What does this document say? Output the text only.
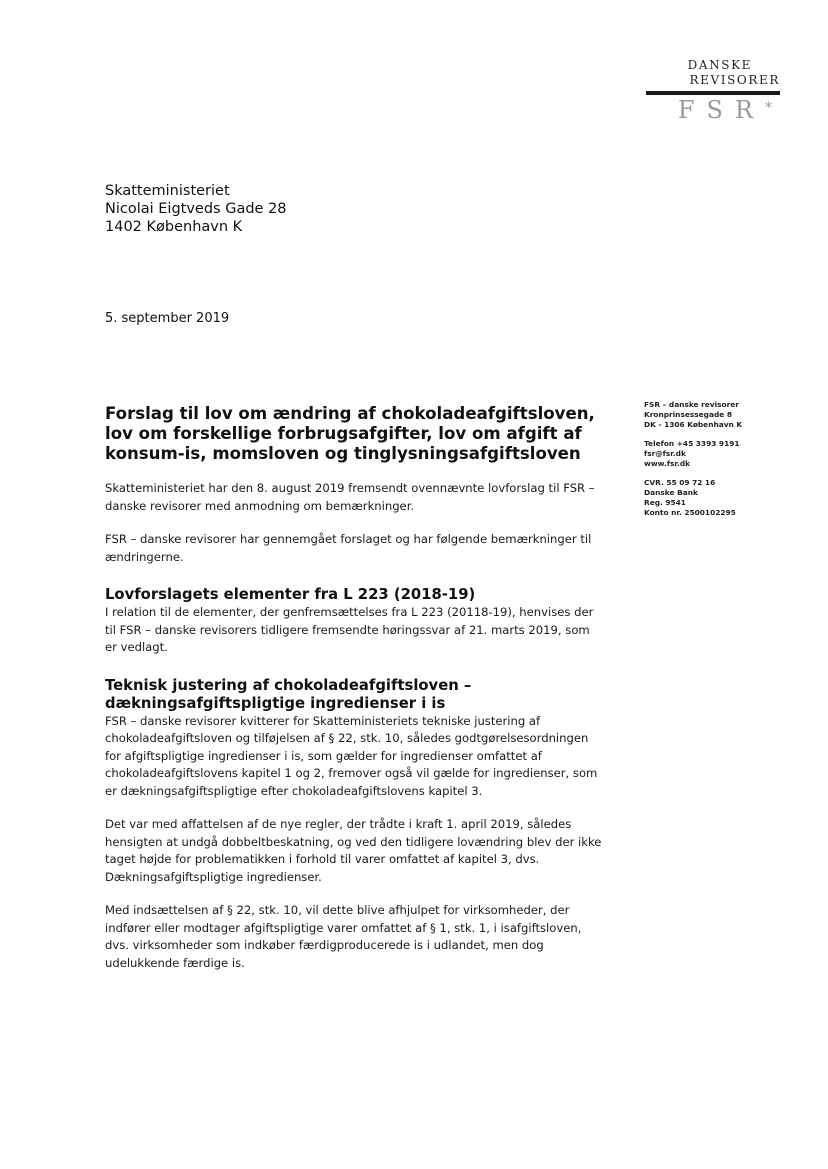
DANSKE
REVISORER
FSR*
Skatteministeriet
Nicolai Eigtveds Gade 28
1402 København K
5. september 2019
FSR – danske revisorer
Kronprinsessegade 8
DK - 1306 København K
Telefon +45 3393 9191
fsr@fsr.dk
www.fsr.dk
CVR. 55 09 72 16
Danske Bank
Reg. 9541
Konto nr. 2500102295
Forslag til lov om ændring af chokoladeafgiftsloven, lov om forskellige forbrugsafgifter, lov om afgift af konsum-is, momsloven og tinglysningsafgiftsloven

Skatteministeriet har den 8. august 2019 fremsendt ovennævnte lovforslag til FSR – danske revisorer med anmodning om bemærkninger.

FSR – danske revisorer har gennemgået forslaget og har følgende bemærkninger til ændringerne.

Lovforslagets elementer fra L 223 (2018-19)

I relation til de elementer, der genfremsættelses fra L 223 (20118-19), henvises der til FSR – danske revisorers tidligere fremsendte høringssvar af 21. marts 2019, som er vedlagt.

Teknisk justering af chokoladeafgiftsloven – dækningsafgiftspligtige ingredienser i is

FSR – danske revisorer kvitterer for Skatteministeriets tekniske justering af chokoladeafgiftsloven og tilføjelsen af § 22, stk. 10, således godtgørelsesordningen for afgiftspligtige ingredienser i is, som gælder for ingredienser omfattet af chokoladeafgiftslovens kapitel 1 og 2, fremover også vil gælde for ingredienser, som er dækningsafgiftspligtige efter chokoladeafgiftslovens kapitel 3.

Det var med affattelsen af de nye regler, der trådte i kraft 1. april 2019, således hensigten at undgå dobbeltbeskatning, og ved den tidligere lovændring blev der ikke taget højde for problematikken i forhold til varer omfattet af kapitel 3, dvs. Dækningsafgiftspligtige ingredienser.

Med indsættelsen af § 22, stk. 10, vil dette blive afhjulpet for virksomheder, der indfører eller modtager afgiftspligtige varer omfattet af § 1, stk. 1, i isafgiftsloven, dvs. virksomheder som indkøber færdigproducerede is i udlandet, men dog udelukkende færdige is.
